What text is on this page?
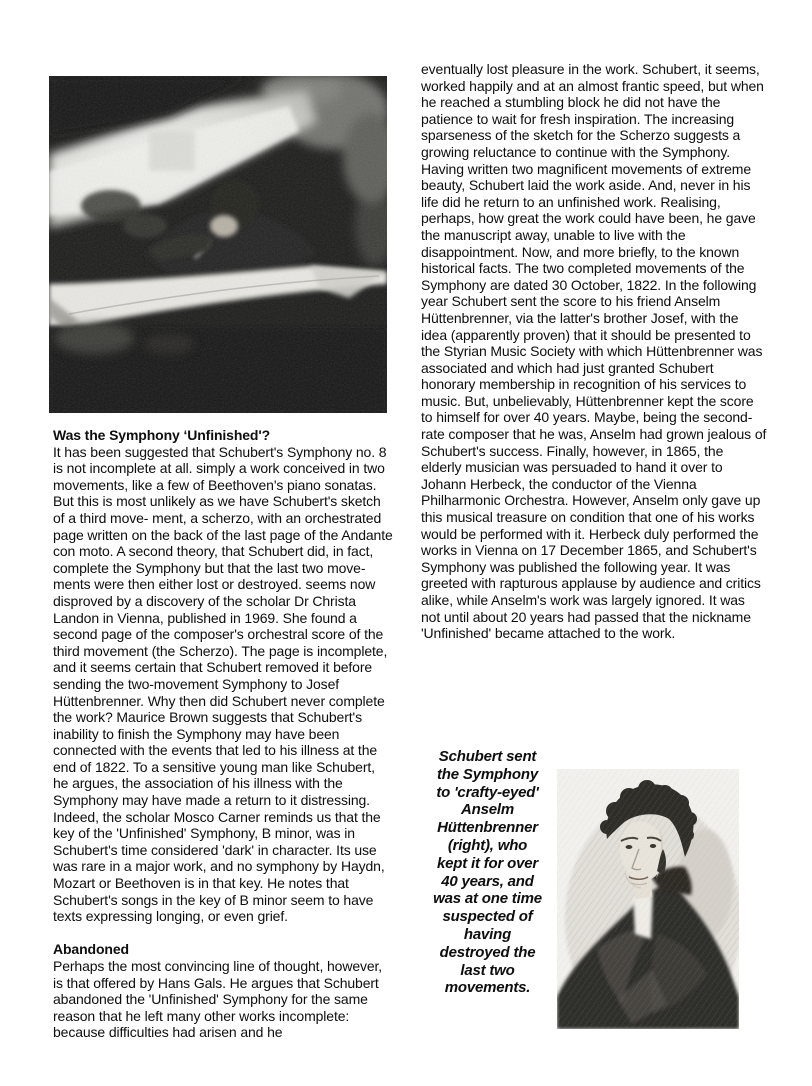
Was the Symphony ‘Unfinished'?

It has been suggested that Schubert's Symphony no. 8 is not incomplete at all. simply a work conceived in two movements, like a few of Beethoven's piano sonatas. But this is most unlikely as we have Schubert's sketch of a third move- ment, a scherzo, with an orchestrated page written on the back of the last page of the Andante con moto. A second theory, that Schubert did, in fact, complete the Symphony but that the last two move- ments were then either lost or destroyed. seems now disproved by a discovery of the scholar Dr Christa Landon in Vienna, published in 1969. She found a second page of the composer's orchestral score of the third movement (the Scherzo). The page is incomplete, and it seems certain that Schubert removed it before sending the two-movement Symphony to Josef Hüttenbrenner. Why then did Schubert never complete the work? Maurice Brown suggests that Schubert's inability to finish the Symphony may have been connected with the events that led to his illness at the end of 1822. To a sensitive young man like Schubert, he argues, the association of his illness with the Symphony may have made a return to it distressing. Indeed, the scholar Mosco Carner reminds us that the key of the 'Unfinished' Symphony, B minor, was in Schubert's time considered 'dark' in character. Its use was rare in a major work, and no symphony by Haydn, Mozart or Beethoven is in that key. He notes that Schubert's songs in the key of B minor seem to have texts expressing longing, or even grief.

Abandoned

Perhaps the most convincing line of thought, however, is that offered by Hans Gals. He argues that Schubert abandoned the 'Unfinished' Symphony for the same reason that he left many other works incomplete: because difficulties had arisen and he

eventually lost pleasure in the work. Schubert, it seems, worked happily and at an almost frantic speed, but when he reached a stumbling block he did not have the patience to wait for fresh inspiration. The increasing sparseness of the sketch for the Scherzo suggests a growing reluctance to continue with the Symphony. Having written two magnificent movements of extreme beauty, Schubert laid the work aside. And, never in his life did he return to an unfinished work. Realising, perhaps, how great the work could have been, he gave the manuscript away, unable to live with the disappointment. Now, and more briefly, to the known historical facts. The two completed movements of the Symphony are dated 30 October, 1822. In the following year Schubert sent the score to his friend Anselm Hüttenbrenner, via the latter's brother Josef, with the idea (apparently proven) that it should be presented to the Styrian Music Society with which Hüttenbrenner was associated and which had just granted Schubert honorary membership in recognition of his services to music. But, unbelievably, Hüttenbrenner kept the score to himself for over 40 years. Maybe, being the second-rate composer that he was, Anselm had grown jealous of Schubert's success. Finally, however, in 1865, the elderly musician was persuaded to hand it over to Johann Herbeck, the conductor of the Vienna Philharmonic Orchestra. However, Anselm only gave up this musical treasure on condition that one of his works would be performed with it. Herbeck duly performed the works in Vienna on 17 December 1865, and Schubert's Symphony was published the following year. It was greeted with rapturous applause by audience and critics alike, while Anselm's work was largely ignored. It was not until about 20 years had passed that the nickname 'Unfinished' became attached to the work.

Schubert sent the Symphony to 'crafty-eyed' Anselm Hüttenbrenner (right), who kept it for over 40 years, and was at one time suspected of having destroyed the last two movements.
